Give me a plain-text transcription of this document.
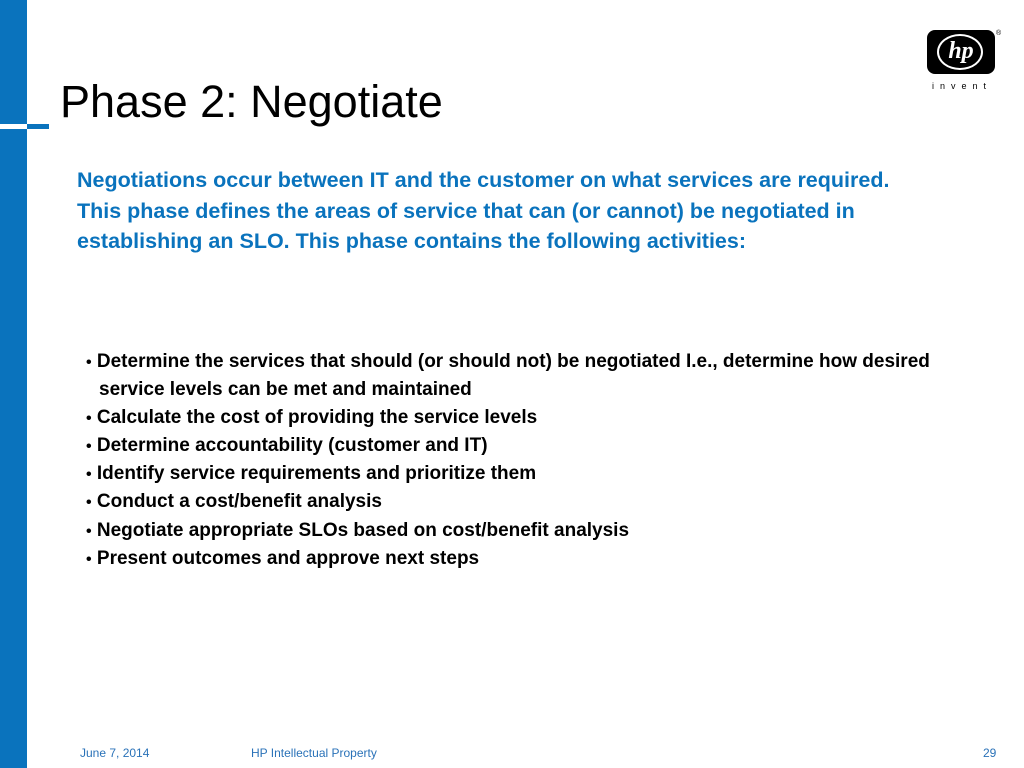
Phase 2: Negotiate
hp
®
invent

Negotiations occur between IT and the customer on what services are required. This phase defines the areas of service that can (or cannot) be negotiated in establishing an SLO. This phase contains the following activities:

• Determine the services that should (or should not) be negotiated I.e., determine how desired service levels can be met and maintained
• Calculate the cost of providing the service levels
• Determine accountability (customer and IT)
• Identify service requirements and prioritize them
• Conduct a cost/benefit analysis
• Negotiate appropriate SLOs based on cost/benefit analysis
• Present outcomes and approve next steps
June 7, 2014	HP Intellectual Property	29
